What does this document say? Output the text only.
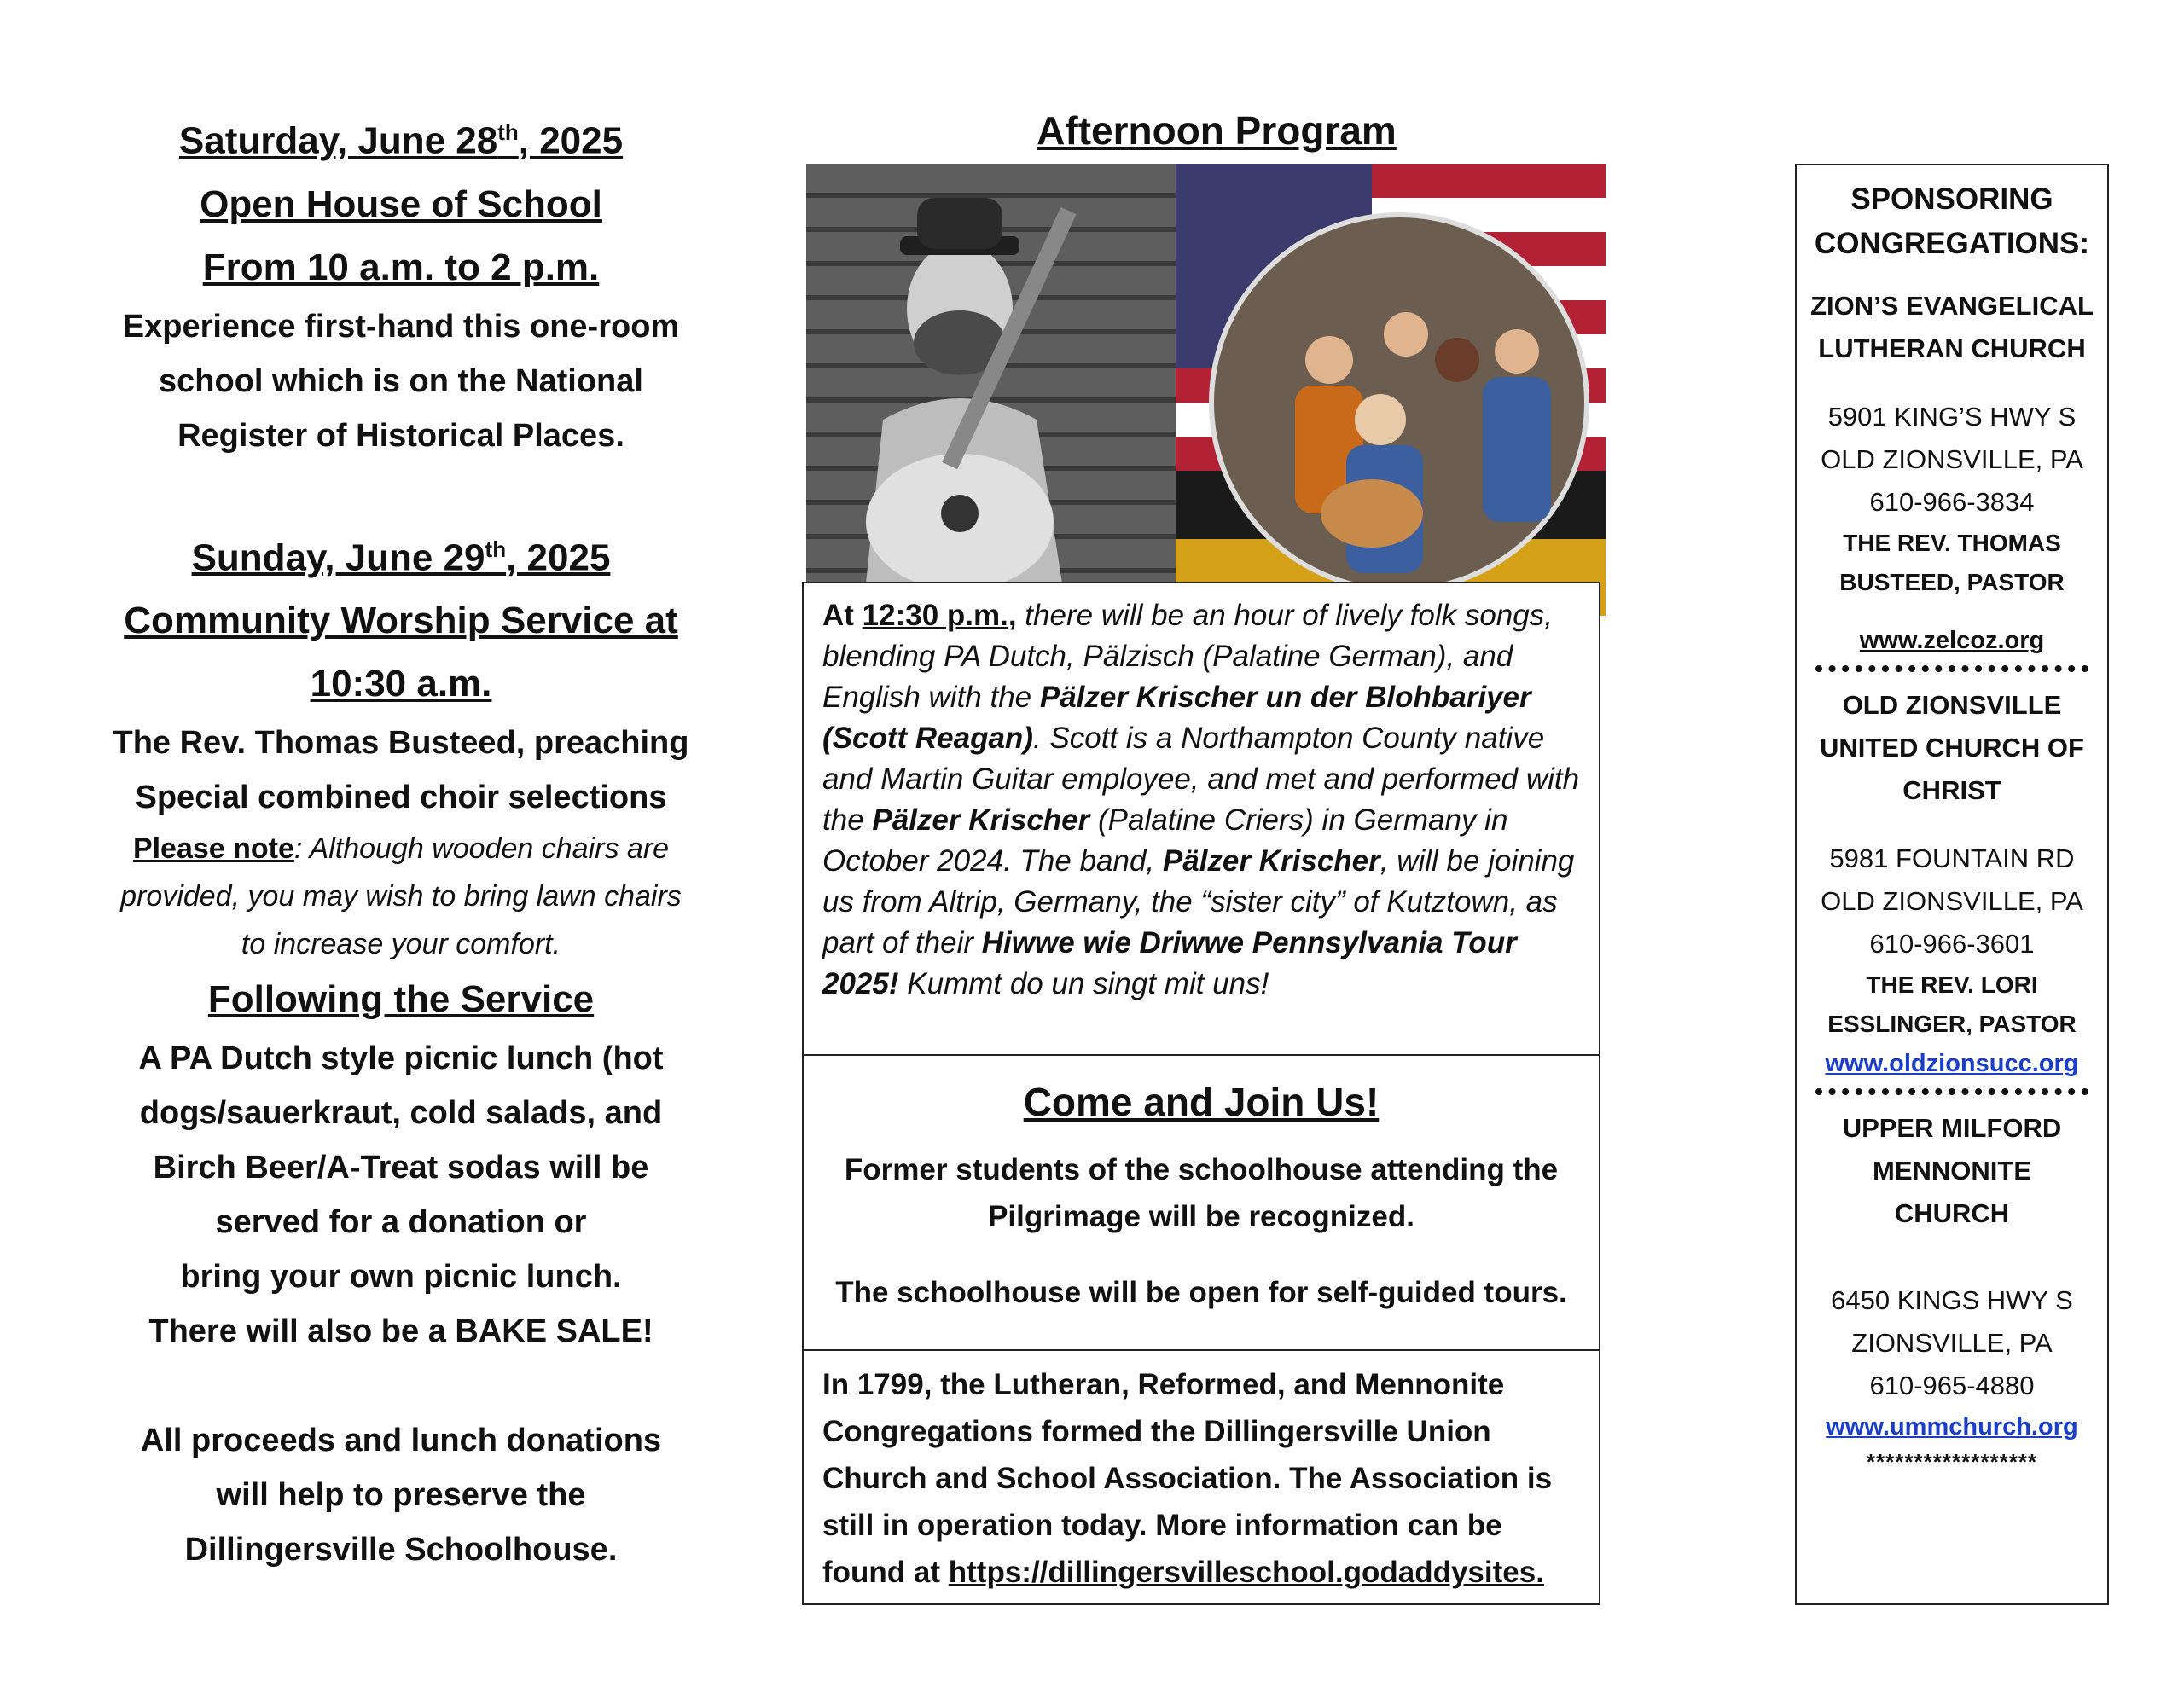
Saturday, June 28th, 2025

Open House of School

From 10 a.m. to 2 p.m.

Experience first-hand this one-room

school which is on the National

Register of Historical Places.

Sunday, June 29th, 2025

Community Worship Service at

10:30 a.m.

The Rev. Thomas Busteed, preaching

Special combined choir selections

Please note: Although wooden chairs are
provided, you may wish to bring lawn chairs
to increase your comfort.

Following the Service

A PA Dutch style picnic lunch (hot

dogs/sauerkraut, cold salads, and

Birch Beer/A-Treat sodas will be

served for a donation or

bring your own picnic lunch.

There will also be a BAKE SALE!

All proceeds and lunch donations

will help to preserve the

Dillingersville Schoolhouse.

Afternoon Program
At 12:30 p.m., there will be an hour of lively folk songs, blending PA Dutch, Pälzisch (Palatine German), and English with the Pälzer Krischer un der Blohbariyer (Scott Reagan). Scott is a Northampton County native and Martin Guitar employee, and met and performed with the Pälzer Krischer (Palatine Criers) in Germany in October 2024. The band, Pälzer Krischer, will be joining us from Altrip, Germany, the “sister city” of Kutztown, as part of their Hiwwe wie Driwwe Pennsylvania Tour 2025! Kummt do un singt mit uns!

Come and Join Us!

Former students of the schoolhouse attending the

Pilgrimage will be recognized.

The schoolhouse will be open for self-guided tours.

In 1799, the Lutheran, Reformed, and Mennonite Congregations formed the Dillingersville Union Church and School Association. The Association is still in operation today. More information can be found at https://dillingersvilleschool.godaddysites.

SPONSORING

CONGREGATIONS:

ZION’S EVANGELICAL

LUTHERAN CHURCH

5901 KING’S HWY S

OLD ZIONSVILLE, PA

610-966-3834

THE REV. THOMAS

BUSTEED, PASTOR

www.zelcoz.org

OLD ZIONSVILLE

UNITED CHURCH OF

CHRIST

5981 FOUNTAIN RD

OLD ZIONSVILLE, PA

610-966-3601

THE REV. LORI

ESSLINGER, PASTOR

www.oldzionsucc.org

UPPER MILFORD

MENNONITE

CHURCH

6450 KINGS HWY S

ZIONSVILLE, PA

610-965-4880

www.ummchurch.org

******************
